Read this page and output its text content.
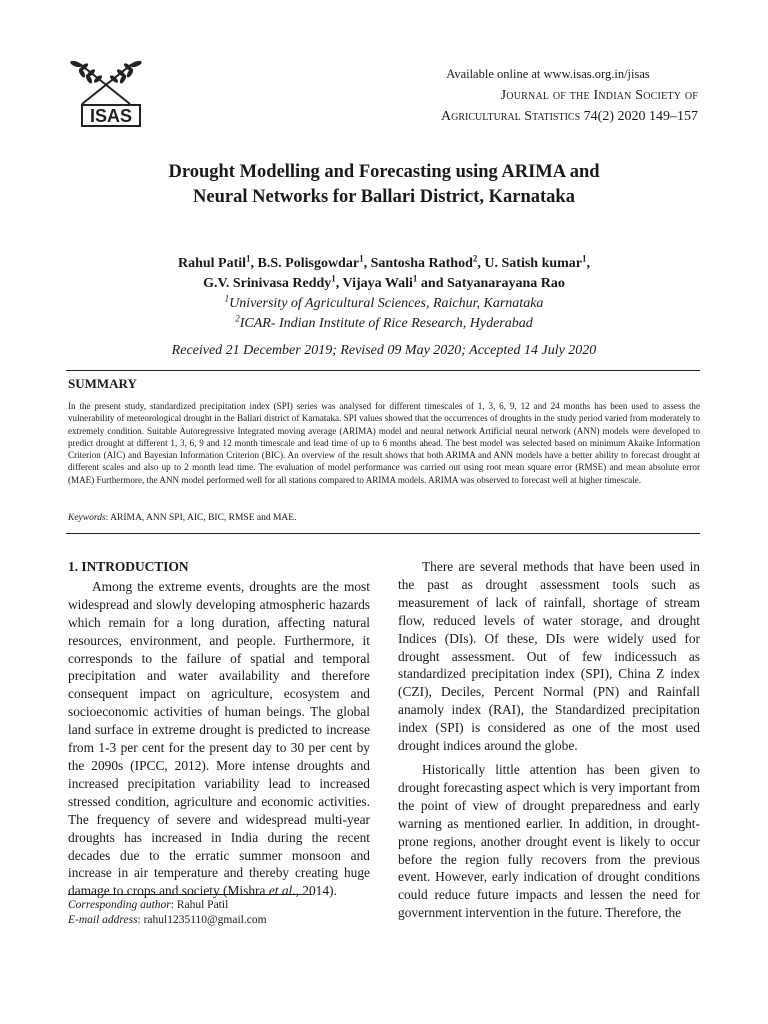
ISAS
Available online at www.isas.org.in/jisas
Journal of the Indian Society of
Agricultural Statistics 74(2) 2020 149–157
Drought Modelling and Forecasting using ARIMA and
Neural Networks for Ballari District, Karnataka
Rahul Patil$^1$, B.S. Polisgowdar$^1$, Santosha Rathod$^2$, U. Satish kumar$^1$,
G.V. Srinivasa Reddy$^1$, Vijaya Wali$^1$ and Satyanarayana Rao
$^1$University of Agricultural Sciences, Raichur, Karnataka
$^2$ICAR- Indian Institute of Rice Research, Hyderabad
Received 21 December 2019; Revised 09 May 2020; Accepted 14 July 2020
SUMMARY

In the present study, standardized precipitation index (SPI) series was analysed for different timescales of 1, 3, 6, 9, 12 and 24 months has been used to assess the vulnerability of meteorological drought in the Ballari district of Karnataka. SPI values showed that the occurrences of droughts in the study period varied from moderately to extremely condition. Suitable Autoregressive Integrated moving average (ARIMA) model and neural network Artificial neural network (ANN) models were developed to predict drought at different 1, 3, 6, 9 and 12 month timescale and lead time of up to 6 months ahead. The best model was selected based on minimum Akaike Information Criterion (AIC) and Bayesian Information Criterion (BIC). An overview of the result shows that both ARIMA and ANN models have a better ability to forecast drought at different scales and also up to 2 month lead time. The evaluation of model performance was carried out using root mean square error (RMSE) and mean absolute error (MAE) Furthermore, the ANN model performed well for all stations compared to ARIMA models. ARIMA was observed to forecast well at higher timescale.

Keywords: ARIMA, ANN SPI, AIC, BIC, RMSE and MAE.
1. INTRODUCTION

Among the extreme events, droughts are the most widespread and slowly developing atmospheric hazards which remain for a long duration, affecting natural resources, environment, and people. Furthermore, it corresponds to the failure of spatial and temporal precipitation and water availability and therefore consequent impact on agriculture, ecosystem and socioeconomic activities of human beings. The global land surface in extreme drought is predicted to increase from 1-3 per cent for the present day to 30 per cent by the 2090s (IPCC, 2012). More intense droughts and increased precipitation variability lead to increased stressed condition, agriculture and economic activities. The frequency of severe and widespread multi-year droughts has increased in India during the recent decades due to the erratic summer monsoon and increase in air temperature and thereby creating huge damage to crops and society (Mishra et al., 2014).

There are several methods that have been used in the past as drought assessment tools such as measurement of lack of rainfall, shortage of stream flow, reduced levels of water storage, and drought Indices (DIs). Of these, DIs were widely used for drought assessment. Out of few indicessuch as standardized precipitation index (SPI), China Z index (CZI), Deciles, Percent Normal (PN) and Rainfall anamoly index (RAI), the Standardized precipitation index (SPI) is considered as one of the most used drought indices around the globe.

Historically little attention has been given to drought forecasting aspect which is very important from the point of view of drought preparedness and early warning as mentioned earlier. In addition, in drought-prone regions, another drought event is likely to occur before the region fully recovers from the previous event. However, early indication of drought conditions could reduce future impacts and lessen the need for government intervention in the future. Therefore, the

Corresponding author: Rahul Patil
E-mail address: rahul1235110@gmail.com
